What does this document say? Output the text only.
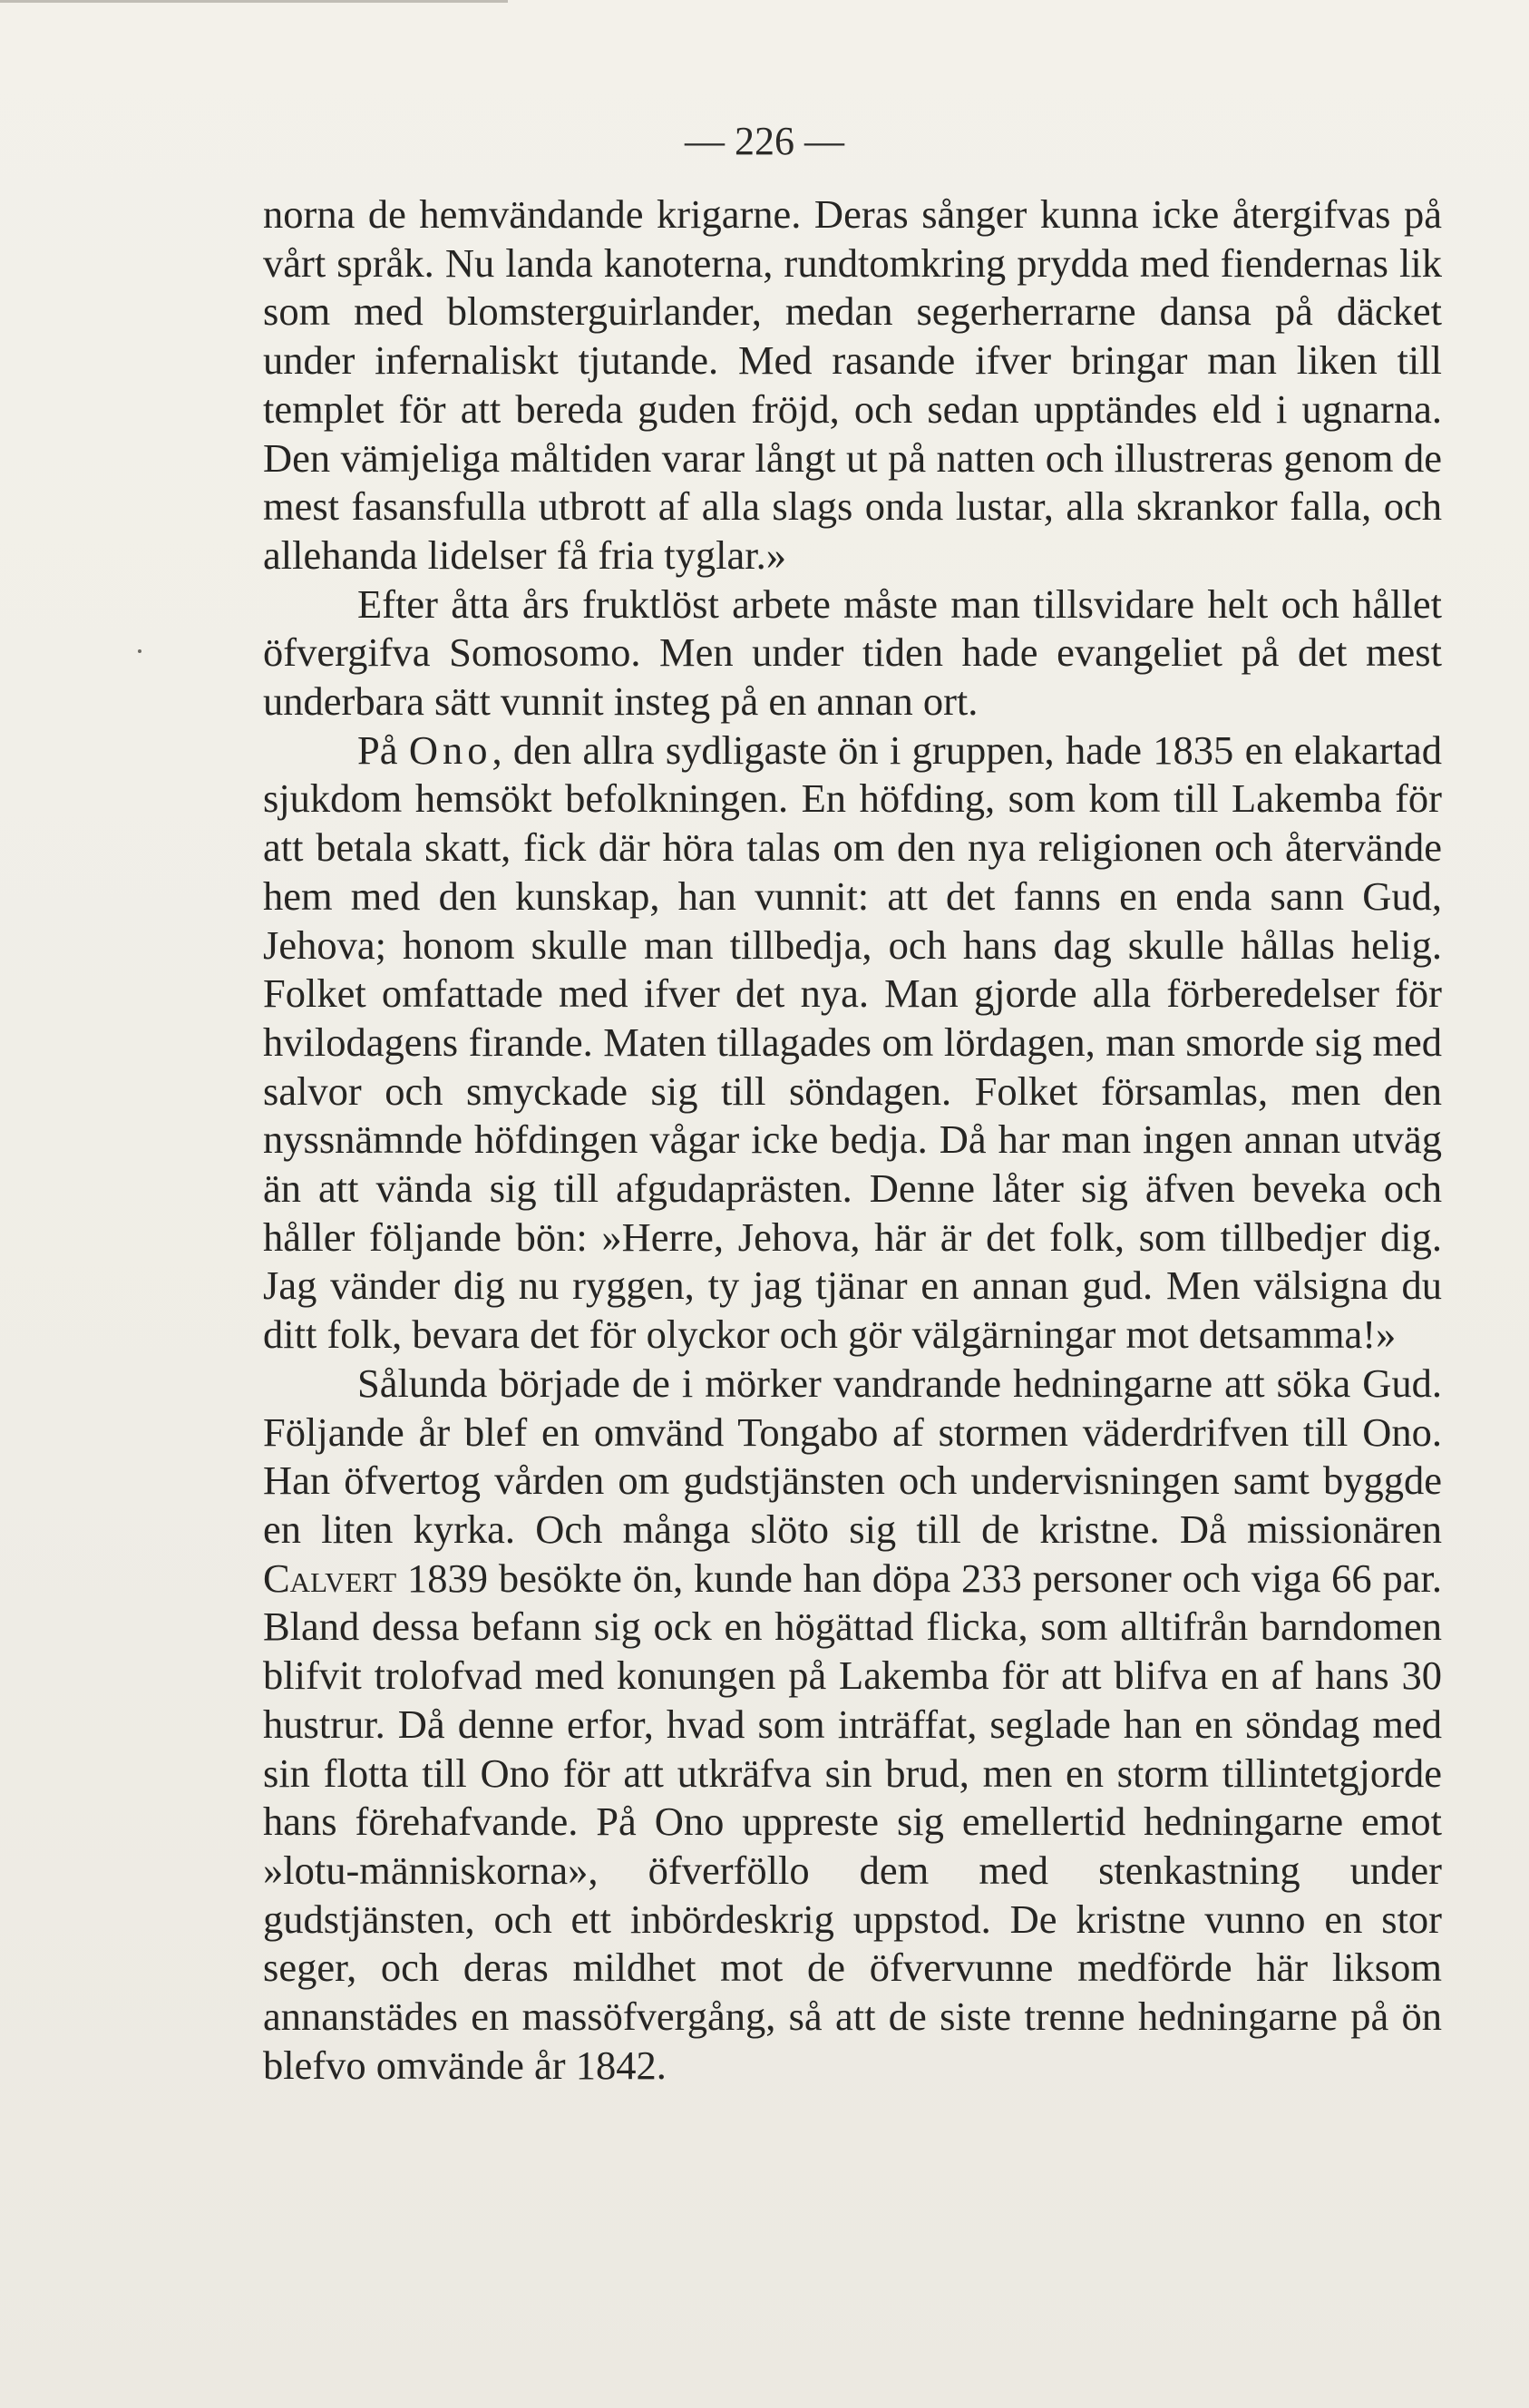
— 226 —

norna de hemvändande krigarne. Deras sånger kunna icke återgifvas på vårt språk. Nu landa kanoterna, rundtomkring prydda med fiendernas lik som med blomsterguirlander, medan segerherrarne dansa på däcket under infernaliskt tjutande. Med rasande ifver bringar man liken till templet för att bereda guden fröjd, och sedan upptändes eld i ugnarna. Den vämjeliga måltiden varar långt ut på natten och illustreras genom de mest fasansfulla utbrott af alla slags onda lustar, alla skrankor falla, och allehanda lidelser få fria tyglar.»

Efter åtta års fruktlöst arbete måste man tillsvidare helt och hållet öfvergifva Somosomo. Men under tiden hade evangeliet på det mest underbara sätt vunnit insteg på en annan ort.

På Ono, den allra sydligaste ön i gruppen, hade 1835 en elakartad sjukdom hemsökt befolkningen. En höfding, som kom till Lakemba för att betala skatt, fick där höra talas om den nya religionen och återvände hem med den kunskap, han vunnit: att det fanns en enda sann Gud, Jehova; honom skulle man tillbedja, och hans dag skulle hållas helig. Folket omfattade med ifver det nya. Man gjorde alla förberedelser för hvilodagens firande. Maten tillagades om lördagen, man smorde sig med salvor och smyckade sig till söndagen. Folket församlas, men den nyssnämnde höfdingen vågar icke bedja. Då har man ingen annan utväg än att vända sig till afgudaprästen. Denne låter sig äfven beveka och håller följande bön: »Herre, Jehova, här är det folk, som tillbedjer dig. Jag vänder dig nu ryggen, ty jag tjänar en annan gud. Men välsigna du ditt folk, bevara det för olyckor och gör välgärningar mot detsamma!»

Sålunda började de i mörker vandrande hedningarne att söka Gud. Följande år blef en omvänd Tongabo af stormen väderdrifven till Ono. Han öfvertog vården om gudstjänsten och undervisningen samt byggde en liten kyrka. Och många slöto sig till de kristne. Då missionären Calvert 1839 besökte ön, kunde han döpa 233 personer och viga 66 par. Bland dessa befann sig ock en högättad flicka, som alltifrån barndomen blifvit trolofvad med konungen på Lakemba för att blifva en af hans 30 hustrur. Då denne erfor, hvad som inträffat, seglade han en söndag med sin flotta till Ono för att utkräfva sin brud, men en storm tillintetgjorde hans förehafvande. På Ono uppreste sig emellertid hedningarne emot »lotu-människorna», öfverföllo dem med stenkastning under gudstjänsten, och ett inbördeskrig uppstod. De kristne vunno en stor seger, och deras mildhet mot de öfvervunne medförde här liksom annanstädes en massöfvergång, så att de siste trenne hedningarne på ön blefvo omvände år 1842.
